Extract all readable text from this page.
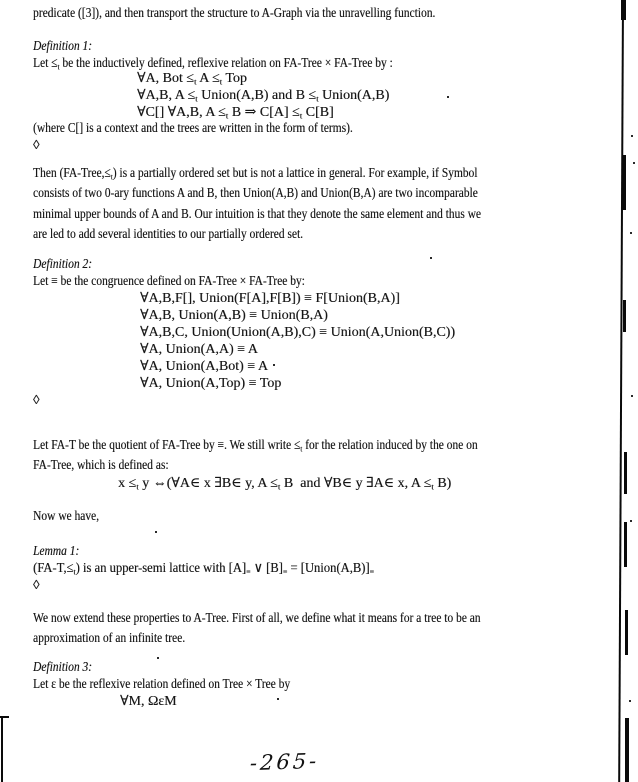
predicate ([3]), and then transport the structure to A-Graph via the unravelling function.
Definition 1:
Let $\le_t$ be the inductively defined, reflexive relation on FA-Tree × FA-Tree by :
∀A, Bot $\le_t$ $A \le_t$ Top
∀A,B, $A \le_t$ Union(A,B) and $B \le_t$ Union(A,B)
∀C[] ∀A,B, $A \le_t$ B ⇒ $C[A] \le_t$ C[B]
(where C[] is a context and the trees are written in the form of terms).
◊
Then $(FA-Tree,\le_t)$ is a partially ordered set but is not a lattice in general. For example, if Symbol
consists of two 0-ary functions A and B, then Union(A,B) and Union(B,A) are two incomparable
minimal upper bounds of A and B. Our intuition is that they denote the same element and thus we
are led to add several identities to our partially ordered set.
Definition 2:
Let ≡ be the congruence defined on FA-Tree × FA-Tree by:
∀A,B,F[], Union(F[A],F[B]) ≡ F[Union(B,A)]
∀A,B, Union(A,B) ≡ Union(B,A)
∀A,B,C, Union(Union(A,B),C) ≡ Union(A,Union(B,C))
∀A, Union(A,A) ≡ A
∀A, Union(A,Bot) ≡ A
∀A, Union(A,Top) ≡ Top
◊
Let FA-T be the quotient of FA-Tree by ≡. We still write $\le_t$ for the relation induced by the one on
FA-Tree, which is defined as:
$x \le_t$ y ⇔(∀A∈ x ∃B∈ y, $A \le_t$ B  and ∀B∈ y ∃A∈ x, $A \le_t$ B)
Now we have,
Lemma 1:
$(FA-T,\le_t)$ is an upper-semi lattice with $[A]_\equiv$ ∨ $[B]_\equiv$ = $[Union(A,B)]_\equiv$
◊
We now extend these properties to A-Tree. First of all, we define what it means for a tree to be an
approximation of an infinite tree.
Definition 3:
Let ε be the reflexive relation defined on Tree × Tree by
∀M, ΩεM
-265-
